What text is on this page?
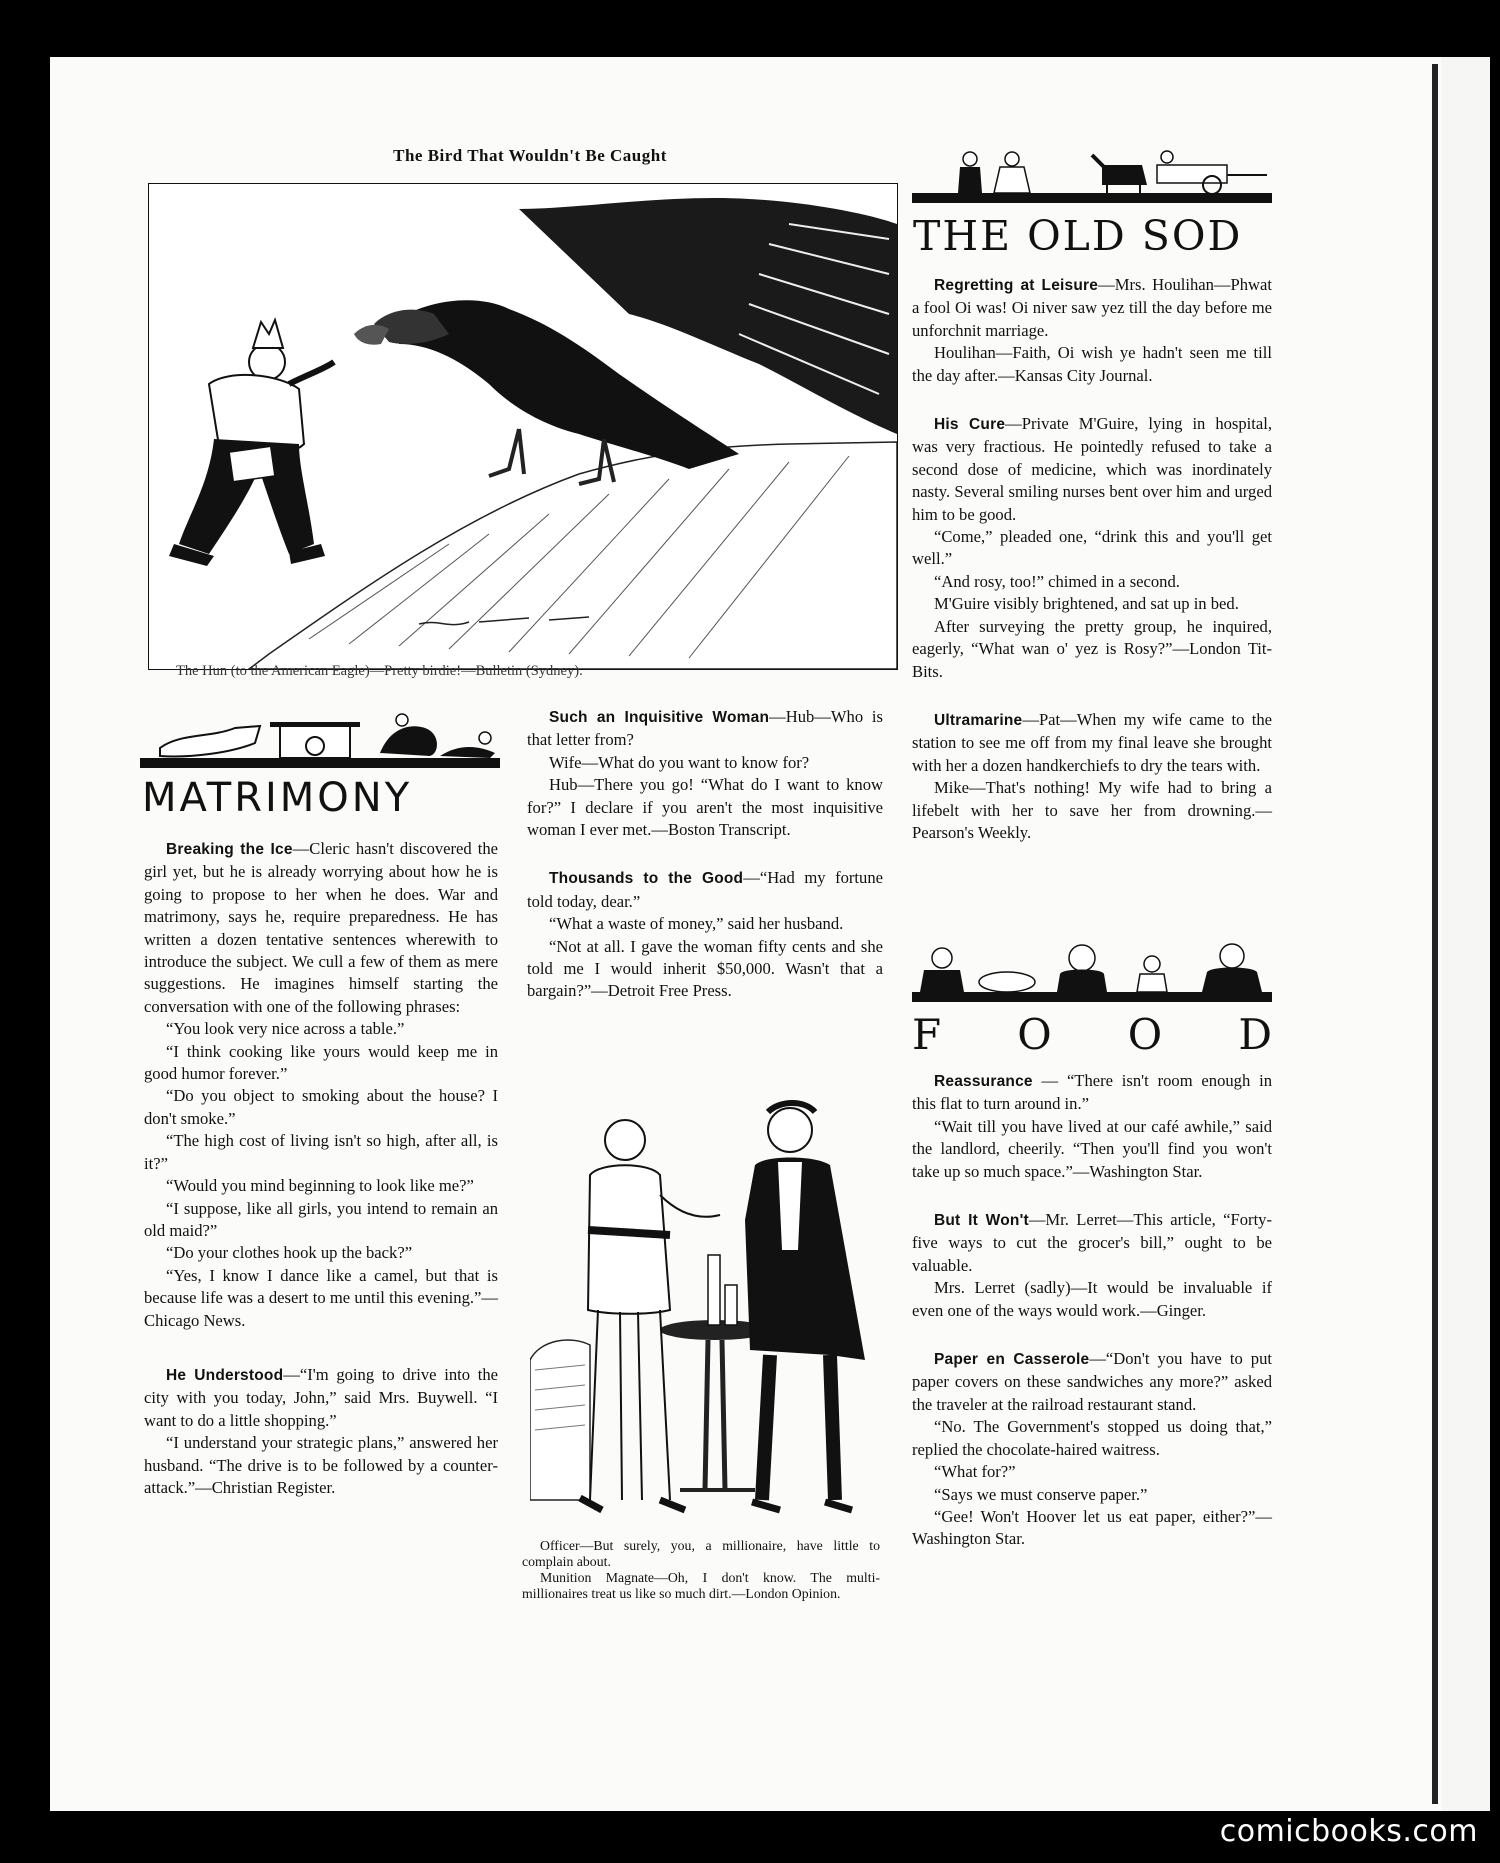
The Bird That Wouldn't Be Caught
The Hun (to the American Eagle)—Pretty birdie!—Bulletin (Sydney).
MATRIMONY

Breaking the Ice—Cleric hasn't discovered the girl yet, but he is already worrying about how he is going to propose to her when he does. War and matrimony, says he, require preparedness. He has written a dozen tentative sentences wherewith to introduce the subject. We cull a few of them as mere suggestions. He imagines himself starting the conversation with one of the following phrases:

“You look very nice across a table.”

“I think cooking like yours would keep me in good humor forever.”

“Do you object to smoking about the house? I don't smoke.”

“The high cost of living isn't so high, after all, is it?”

“Would you mind beginning to look like me?”

“I suppose, like all girls, you intend to remain an old maid?”

“Do your clothes hook up the back?”

“Yes, I know I dance like a camel, but that is because life was a desert to me until this evening.”—Chicago News.

He Understood—“I'm going to drive into the city with you today, John,” said Mrs. Buywell. “I want to do a little shopping.”

“I understand your strategic plans,” answered her husband. “The drive is to be followed by a counter-attack.”—Christian Register.

Such an Inquisitive Woman—Hub—Who is that letter from?

Wife—What do you want to know for?

Hub—There you go! “What do I want to know for?” I declare if you aren't the most inquisitive woman I ever met.—Boston Transcript.

Thousands to the Good—“Had my fortune told today, dear.”

“What a waste of money,” said her husband.

“Not at all. I gave the woman fifty cents and she told me I would inherit $50,000. Wasn't that a bargain?”—Detroit Free Press.

Officer—But surely, you, a millionaire, have little to complain about.

Munition Magnate—Oh, I don't know. The multi-millionaires treat us like so much dirt.—London Opinion.

THE OLD SOD

Regretting at Leisure—Mrs. Houlihan—Phwat a fool Oi was! Oi niver saw yez till the day before me unforchnit marriage.

Houlihan—Faith, Oi wish ye hadn't seen me till the day after.—Kansas City Journal.

His Cure—Private M'Guire, lying in hospital, was very fractious. He pointedly refused to take a second dose of medicine, which was inordinately nasty. Several smiling nurses bent over him and urged him to be good.

“Come,” pleaded one, “drink this and you'll get well.”

“And rosy, too!” chimed in a second.

M'Guire visibly brightened, and sat up in bed.

After surveying the pretty group, he inquired, eagerly, “What wan o' yez is Rosy?”—London Tit-Bits.

Ultramarine—Pat—When my wife came to the station to see me off from my final leave she brought with her a dozen handkerchiefs to dry the tears with.

Mike—That's nothing! My wife had to bring a lifebelt with her to save her from drowning.—Pearson's Weekly.

F O O D

Reassurance — “There isn't room enough in this flat to turn around in.”

“Wait till you have lived at our café awhile,” said the landlord, cheerily. “Then you'll find you won't take up so much space.”—Washington Star.

But It Won't—Mr. Lerret—This article, “Forty-five ways to cut the grocer's bill,” ought to be valuable.

Mrs. Lerret (sadly)—It would be invaluable if even one of the ways would work.—Ginger.

Paper en Casserole—“Don't you have to put paper covers on these sandwiches any more?” asked the traveler at the railroad restaurant stand.

“No. The Government's stopped us doing that,” replied the chocolate-haired waitress.

“What for?”

“Says we must conserve paper.”

“Gee! Won't Hoover let us eat paper, either?”—Washington Star.

comicbooks.com
